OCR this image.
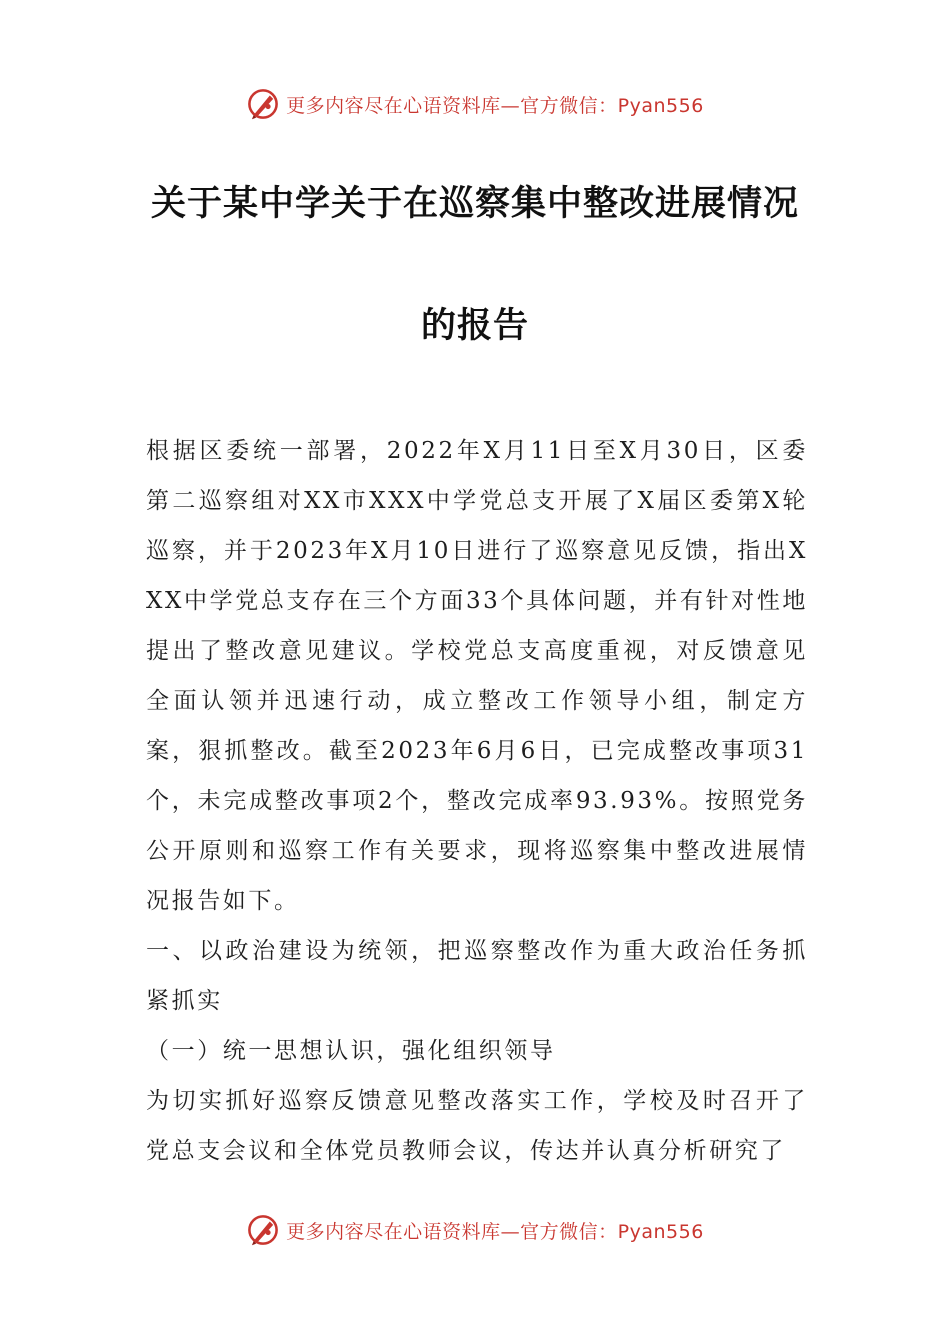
更多内容尽在心语资料库—官方微信：Pyan556
关于某中学关于在巡察集中整改进展情况
的报告

根据区委统一部署，2022年X月11日至X月30日，区委第二巡察组对XX市XXX中学党总支开展了X届区委第X轮巡察，并于2023年X月10日进行了巡察意见反馈，指出XXX中学党总支存在三个方面33个具体问题，并有针对性地提出了整改意见建议。学校党总支高度重视，对反馈意见全面认领并迅速行动，成立整改工作领导小组，制定方案，狠抓整改。截至2023年6月6日，已完成整改事项31个，未完成整改事项2个，整改完成率93.93%。按照党务公开原则和巡察工作有关要求，现将巡察集中整改进展情况报告如下。

一、以政治建设为统领，把巡察整改作为重大政治任务抓紧抓实

（一）统一思想认识，强化组织领导

为切实抓好巡察反馈意见整改落实工作，学校及时召开了党总支会议和全体党员教师会议，传达并认真分析研究了

更多内容尽在心语资料库—官方微信：Pyan556
